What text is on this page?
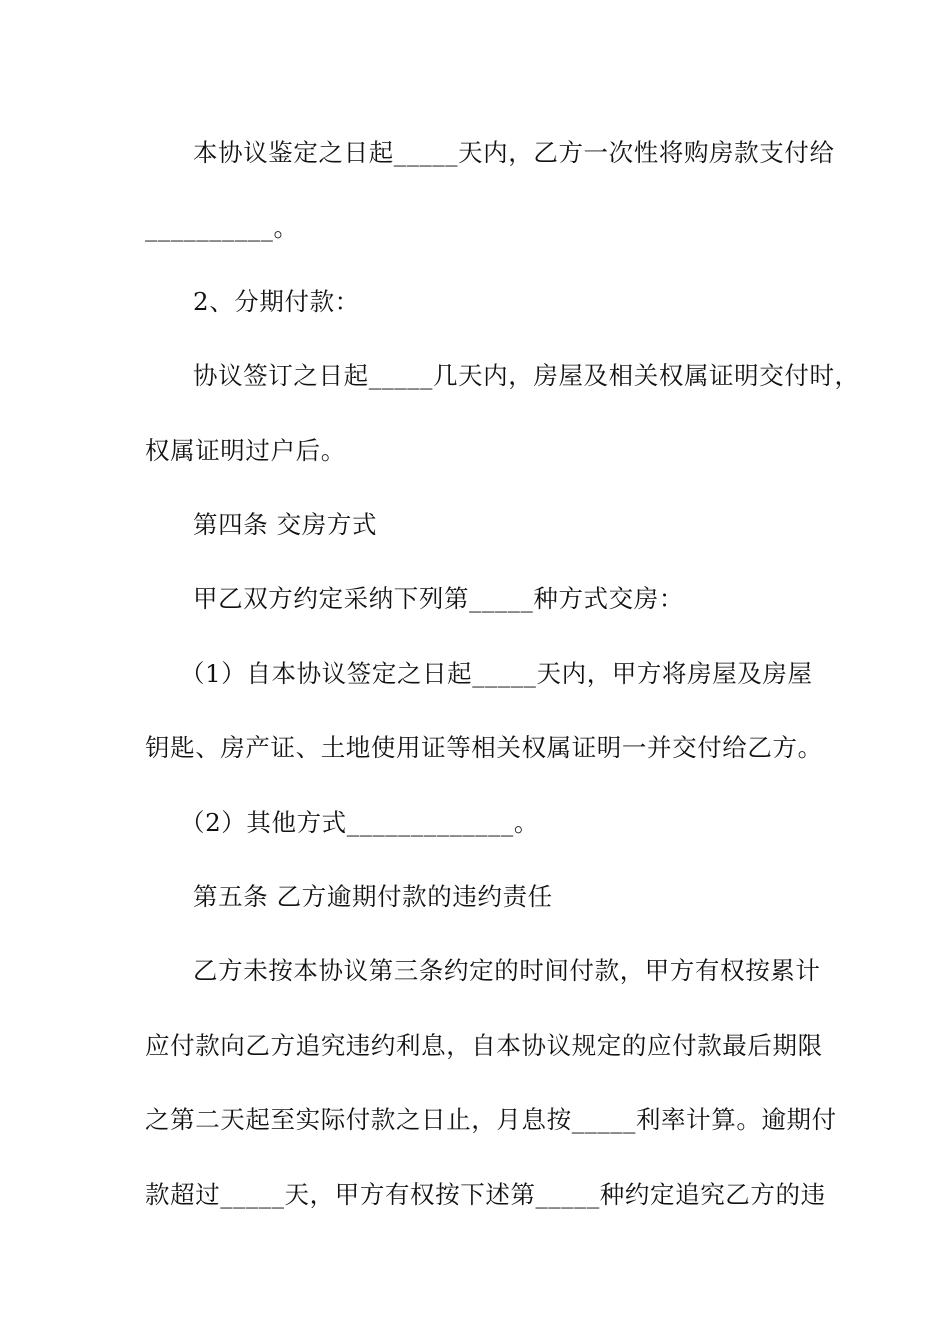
本协议鉴定之日起_____天内，乙方一次性将购房款支付给
__________。
2、分期付款：
协议签订之日起_____几天内，房屋及相关权属证明交付时，
权属证明过户后。
第四条 交房方式
甲乙双方约定采纳下列第_____种方式交房：
（1）自本协议签定之日起_____天内，甲方将房屋及房屋
钥匙、房产证、土地使用证等相关权属证明一并交付给乙方。
（2）其他方式_____________。
第五条 乙方逾期付款的违约责任
乙方未按本协议第三条约定的时间付款，甲方有权按累计
应付款向乙方追究违约利息，自本协议规定的应付款最后期限
之第二天起至实际付款之日止，月息按_____利率计算。逾期付
款超过_____天，甲方有权按下述第_____种约定追究乙方的违
